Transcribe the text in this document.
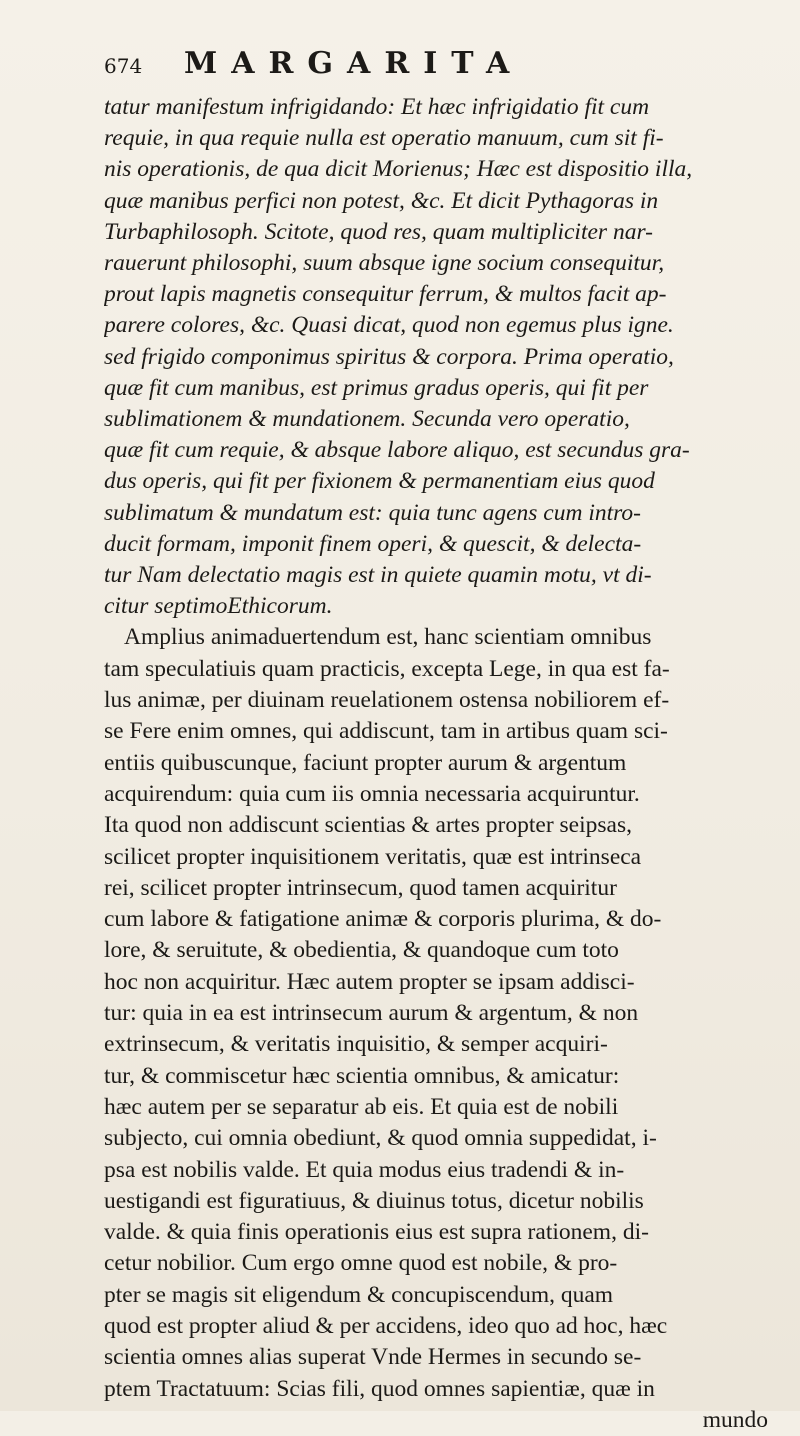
674	MARGARITA
tatur manifestum infrigidando: Et hæc infrigidatio fit cum
requie, in qua requie nulla est operatio manuum, cum sit fi-
nis operationis, de qua dicit Morienus; Hæc est dispositio illa,
quæ manibus perfici non potest, &c. Et dicit Pythagoras in
Turbaphilosoph. Scitote, quod res, quam multipliciter nar-
rauerunt philosophi, suum absque igne socium consequitur,
prout lapis magnetis consequitur ferrum, & multos facit ap-
parere colores, &c. Quasi dicat, quod non egemus plus igne.
sed frigido componimus spiritus & corpora. Prima operatio,
quæ fit cum manibus, est primus gradus operis, qui fit per
sublimationem & mundationem. Secunda vero operatio,
quæ fit cum requie, & absque labore aliquo, est secundus gra-
dus operis, qui fit per fixionem & permanentiam eius quod
sublimatum & mundatum est: quia tunc agens cum intro-
ducit formam, imponit finem operi, & quescit, & delecta-
tur Nam delectatio magis est in quiete quamin motu, vt di-
citur septimoEthicorum.
Amplius animaduertendum est, hanc scientiam omnibus
tam speculatiuis quam practicis, excepta Lege, in qua est fa-
lus animæ, per diuinam reuelationem ostensa nobiliorem ef-
se Fere enim omnes, qui addiscunt, tam in artibus quam sci-
entiis quibuscunque, faciunt propter aurum & argentum
acquirendum: quia cum iis omnia necessaria acquiruntur.
Ita quod non addiscunt scientias & artes propter seipsas,
scilicet propter inquisitionem veritatis, quæ est intrinseca
rei, scilicet propter intrinsecum, quod tamen acquiritur
cum labore & fatigatione animæ & corporis plurima, & do-
lore, & seruitute, & obedientia, & quandoque cum toto
hoc non acquiritur. Hæc autem propter se ipsam addisci-
tur: quia in ea est intrinsecum aurum & argentum, & non
extrinsecum, & veritatis inquisitio, & semper acquiri-
tur, & commiscetur hæc scientia omnibus, & amicatur:
hæc autem per se separatur ab eis. Et quia est de nobili
subjecto, cui omnia obediunt, & quod omnia suppedidat, i-
psa est nobilis valde. Et quia modus eius tradendi & in-
uestigandi est figuratiuus, & diuinus totus, dicetur nobilis
valde. & quia finis operationis eius est supra rationem, di-
cetur nobilior. Cum ergo omne quod est nobile, & pro-
pter se magis sit eligendum & concupiscendum, quam
quod est propter aliud & per accidens, ideo quo ad hoc, hæc
scientia omnes alias superat Vnde Hermes in secundo se-
ptem Tractatuum: Scias fili, quod omnes sapientiæ, quæ in
mundo
